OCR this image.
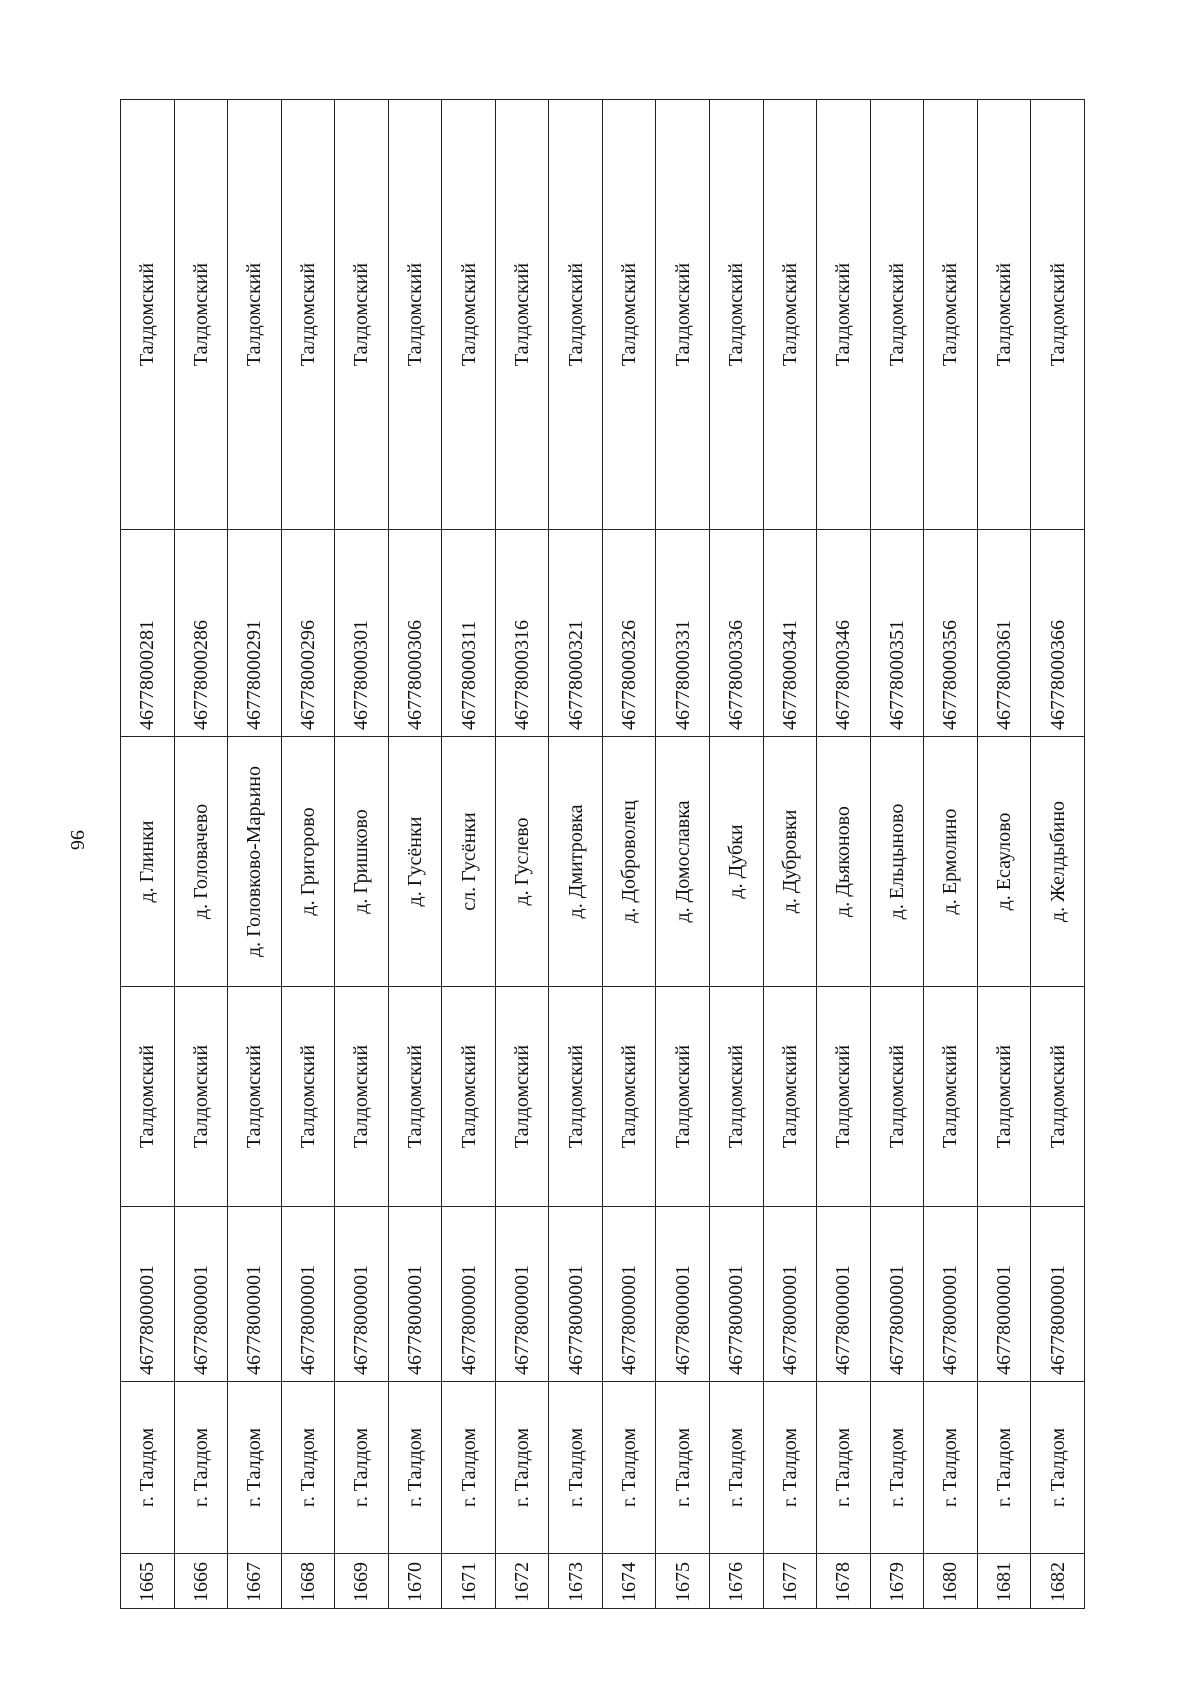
96
1665	г. Талдом	46778000001	Талдомский	д. Глинки	46778000281	Талдомский
1666	г. Талдом	46778000001	Талдомский	д. Головачево	46778000286	Талдомский
1667	г. Талдом	46778000001	Талдомский	д. Головково-Марьино	46778000291	Талдомский
1668	г. Талдом	46778000001	Талдомский	д. Григорово	46778000296	Талдомский
1669	г. Талдом	46778000001	Талдомский	д. Гришково	46778000301	Талдомский
1670	г. Талдом	46778000001	Талдомский	д. Гусёнки	46778000306	Талдомский
1671	г. Талдом	46778000001	Талдомский	сл. Гусёнки	46778000311	Талдомский
1672	г. Талдом	46778000001	Талдомский	д. Гуслево	46778000316	Талдомский
1673	г. Талдом	46778000001	Талдомский	д. Дмитровка	46778000321	Талдомский
1674	г. Талдом	46778000001	Талдомский	д. Доброволец	46778000326	Талдомский
1675	г. Талдом	46778000001	Талдомский	д. Домославка	46778000331	Талдомский
1676	г. Талдом	46778000001	Талдомский	д. Дубки	46778000336	Талдомский
1677	г. Талдом	46778000001	Талдомский	д. Дубровки	46778000341	Талдомский
1678	г. Талдом	46778000001	Талдомский	д. Дьяконово	46778000346	Талдомский
1679	г. Талдом	46778000001	Талдомский	д. Ельцыново	46778000351	Талдомский
1680	г. Талдом	46778000001	Талдомский	д. Ермолино	46778000356	Талдомский
1681	г. Талдом	46778000001	Талдомский	д. Есаулово	46778000361	Талдомский
1682	г. Талдом	46778000001	Талдомский	д. Желдыбино	46778000366	Талдомский
